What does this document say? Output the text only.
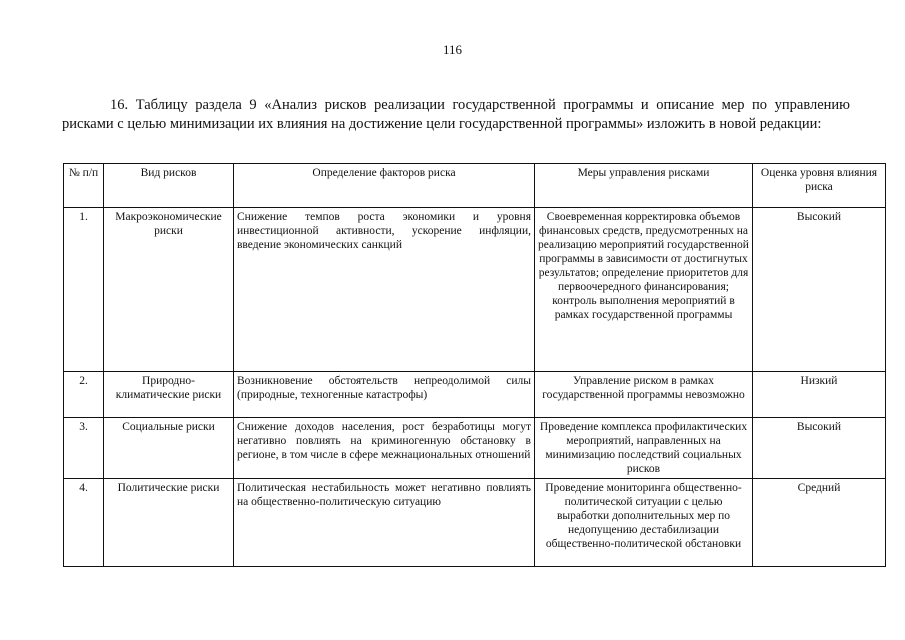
116

16. Таблицу раздела 9 «Анализ рисков реализации государственной программы и описание мер по управлению рисками с целью минимизации их влияния на достижение цели государственной программы» изложить в новой редакции:

№ п/п	Вид рисков	Определение факторов риска	Меры управления рисками	Оценка уровня влияния риска
1.	Макроэкономические риски	Снижение темпов роста экономики и уровня инвестиционной активности, ускорение инфляции, введение экономических санкций	Своевременная корректировка объемов финансовых средств, предусмотренных на реализацию мероприятий государственной программы в зависимости от достигнутых результатов; определение приоритетов для первоочередного финансирования; контроль выполнения мероприятий в рамках государственной программы	Высокий
2.	Природно-климатические риски	Возникновение обстоятельств непреодолимой силы (природные, техногенные катастрофы)	Управление риском в рамках государственной программы невозможно	Низкий
3.	Социальные риски	Снижение доходов населения, рост безработицы могут негативно повлиять на криминогенную обстановку в регионе, в том числе в сфере межнациональных отношений	Проведение комплекса профилактических мероприятий, направленных на минимизацию последствий социальных рисков	Высокий
4.	Политические риски	Политическая нестабильность может негативно повлиять на общественно-политическую ситуацию	Проведение мониторинга общественно-политической ситуации с целью выработки дополнительных мер по недопущению дестабилизации общественно-политической обстановки	Средний
